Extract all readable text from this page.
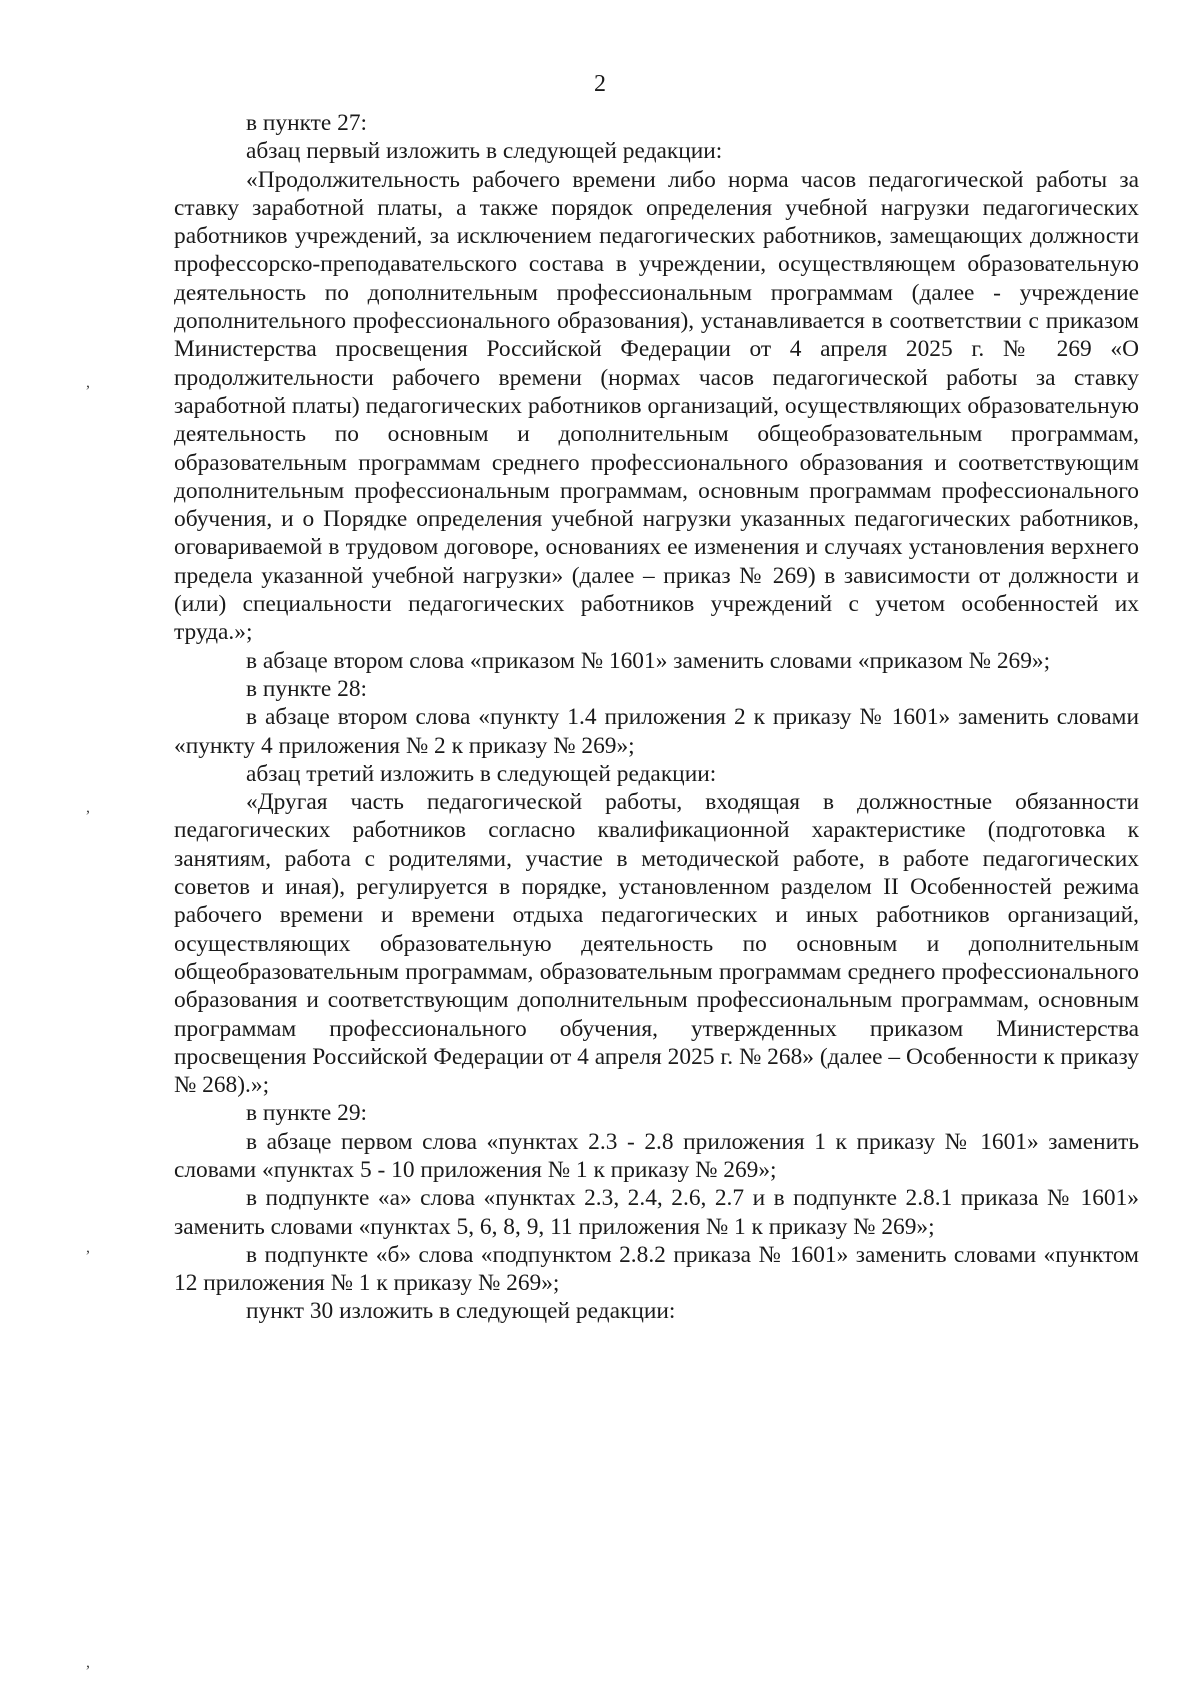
2
,
,
,
,

в пункте 27:

абзац первый изложить в следующей редакции:

«Продолжительность рабочего времени либо норма часов педагогической работы за ставку заработной платы, а также порядок определения учебной нагрузки педагогических работников учреждений, за исключением педагогических работников, замещающих должности профессорско-преподавательского состава в учреждении, осуществляющем образовательную деятельность по дополнительным профессиональным программам (далее - учреждение дополнительного профессионального образования), устанавливается в соответствии с приказом Министерства просвещения Российской Федерации от 4 апреля 2025 г. № 269 «О продолжительности рабочего времени (нормах часов педагогической работы за ставку заработной платы) педагогических работников организаций, осуществляющих образовательную деятельность по основным и дополнительным общеобразовательным программам, образовательным программам среднего профессионального образования и соответствующим дополнительным профессиональным программам, основным программам профессионального обучения, и о Порядке определения учебной нагрузки указанных педагогических работников, оговариваемой в трудовом договоре, основаниях ее изменения и случаях установления верхнего предела указанной учебной нагрузки» (далее – приказ № 269) в зависимости от должности и (или) специальности педагогических работников учреждений с учетом особенностей их труда.»;

в абзаце втором слова «приказом № 1601» заменить словами «приказом № 269»;

в пункте 28:

в абзаце втором слова «пункту 1.4 приложения 2 к приказу № 1601» заменить словами «пункту 4 приложения № 2 к приказу № 269»;

абзац третий изложить в следующей редакции:

«Другая часть педагогической работы, входящая в должностные обязанности педагогических работников согласно квалификационной характеристике (подготовка к занятиям, работа с родителями, участие в методической работе, в работе педагогических советов и иная), регулируется в порядке, установленном разделом II Особенностей режима рабочего времени и времени отдыха педагогических и иных работников организаций, осуществляющих образовательную деятельность по основным и дополнительным общеобразовательным программам, образовательным программам среднего профессионального образования и соответствующим дополнительным профессиональным программам, основным программам профессионального обучения, утвержденных приказом Министерства просвещения Российской Федерации от 4 апреля 2025 г. № 268» (далее – Особенности к приказу № 268).»;

в пункте 29:

в абзаце первом слова «пунктах 2.3 - 2.8 приложения 1 к приказу № 1601» заменить словами «пунктах 5 - 10 приложения № 1 к приказу № 269»;

в подпункте «а» слова «пунктах 2.3, 2.4, 2.6, 2.7 и в подпункте 2.8.1 приказа № 1601» заменить словами «пунктах 5, 6, 8, 9, 11 приложения № 1 к приказу № 269»;

в подпункте «б» слова «подпунктом 2.8.2 приказа № 1601» заменить словами «пунктом 12 приложения № 1 к приказу № 269»;

пункт 30 изложить в следующей редакции:
